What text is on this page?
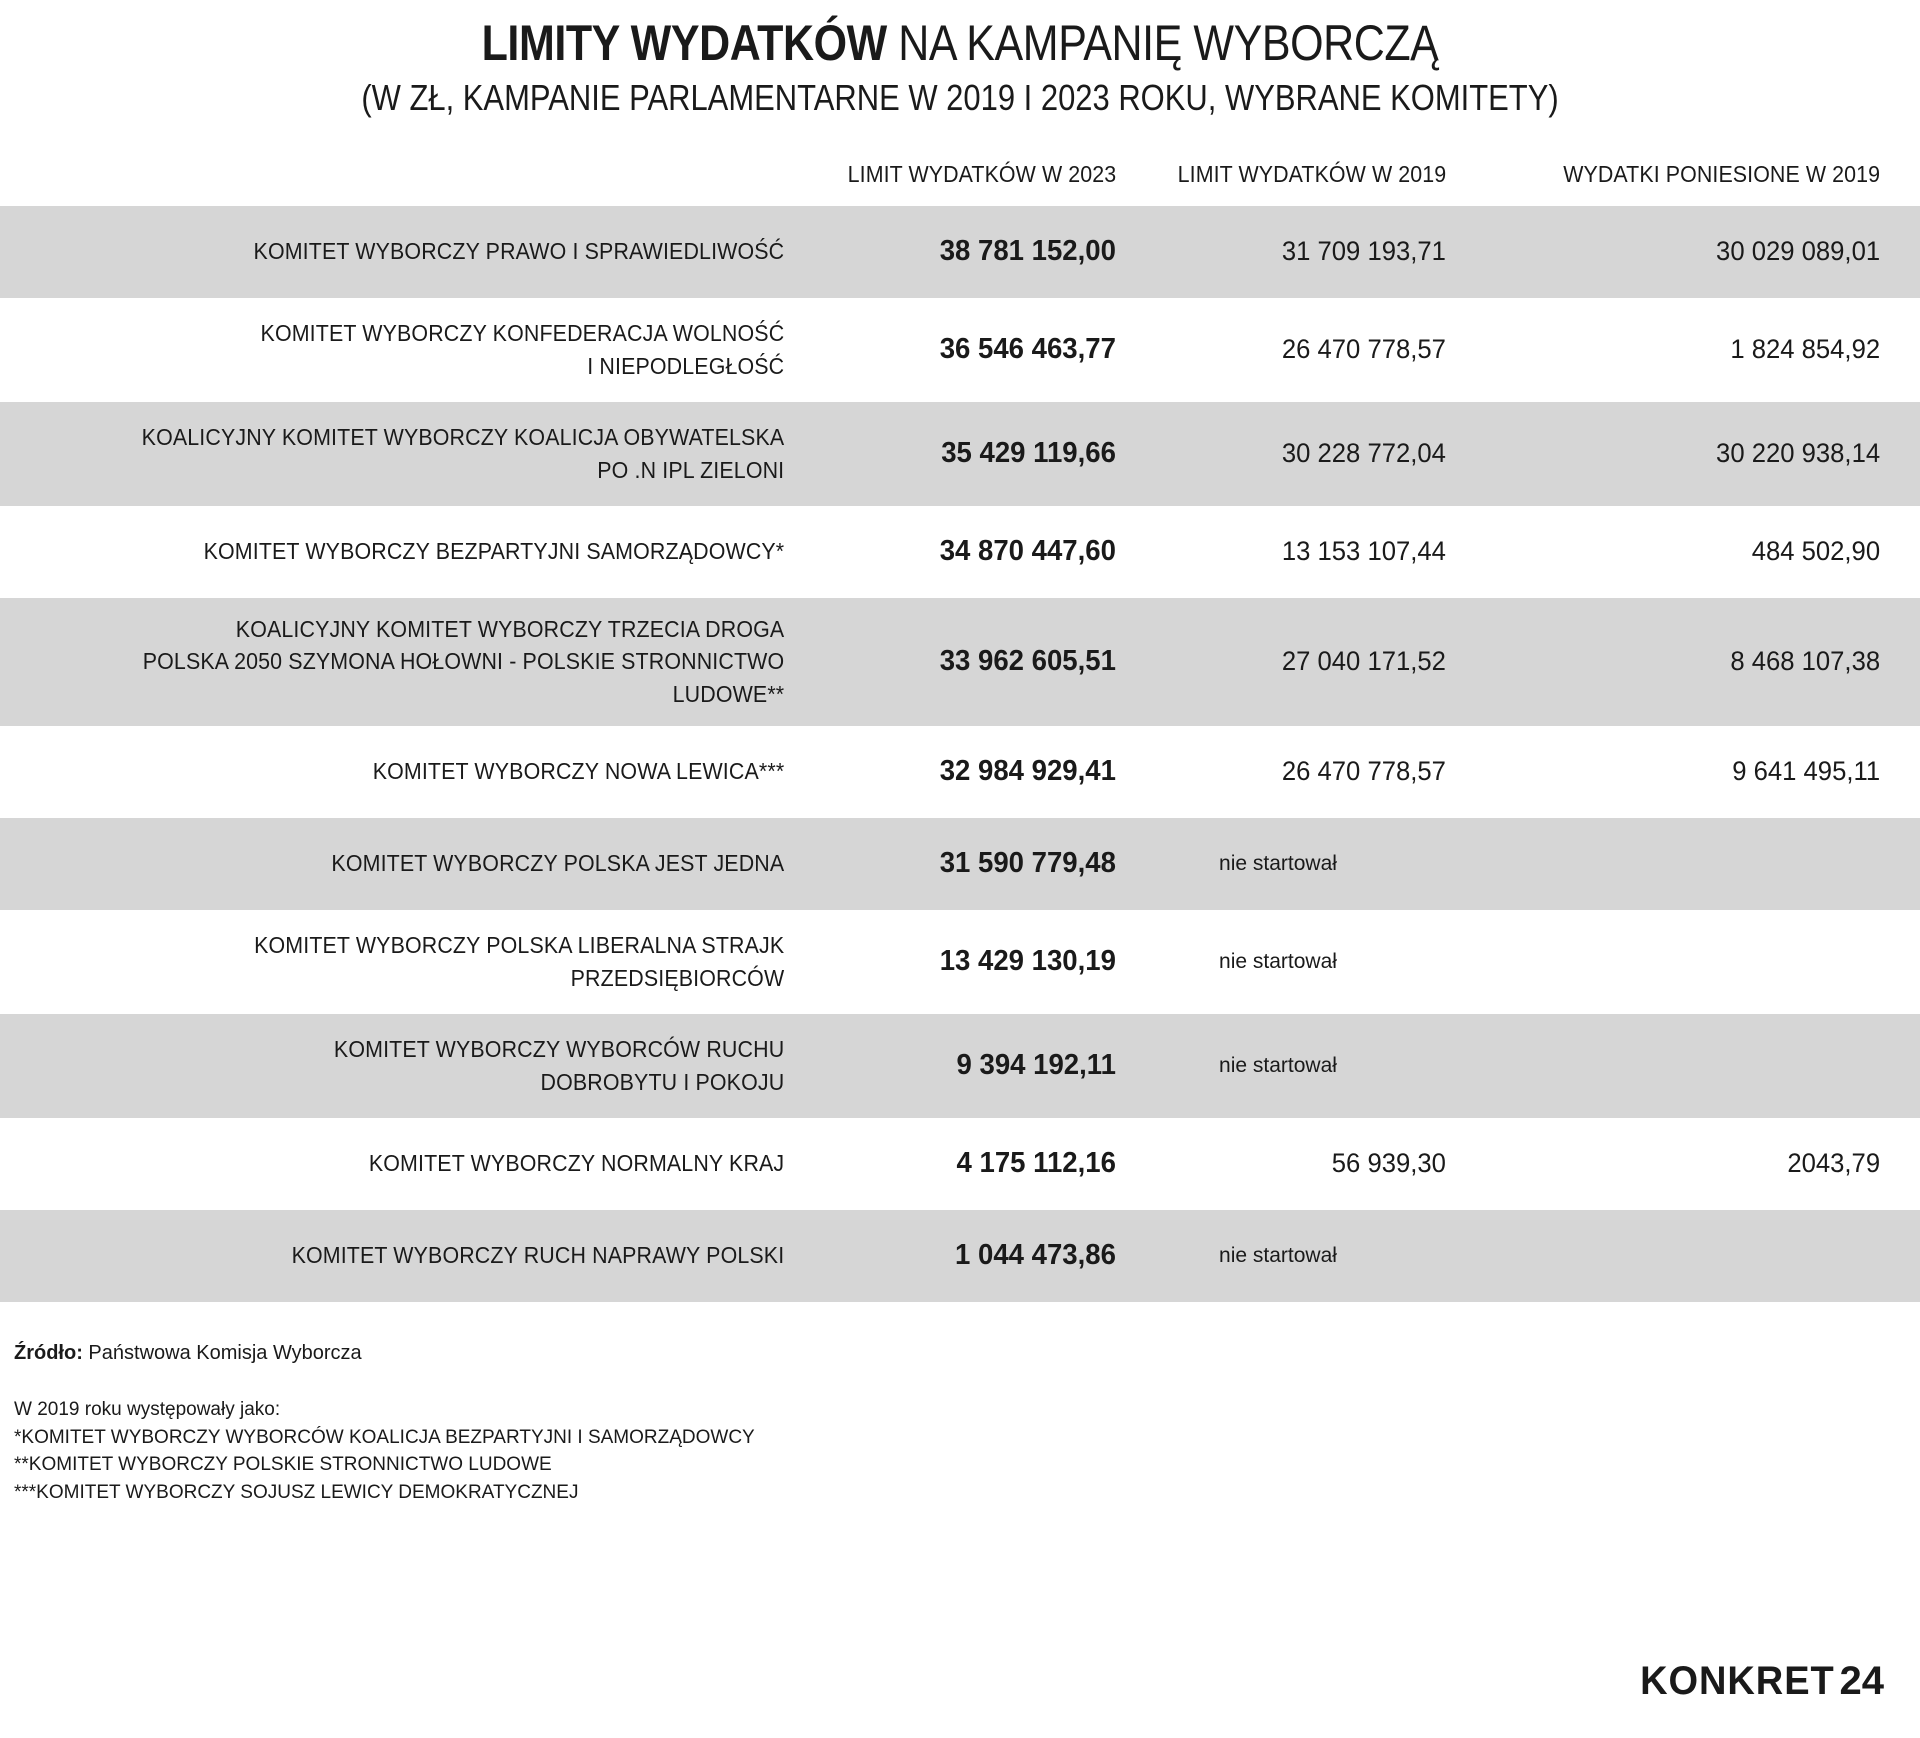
LIMITY WYDATKÓW NA KAMPANIĘ WYBORCZĄ
(W ZŁ, KAMPANIE PARLAMENTARNE W 2019 I 2023 ROKU, WYBRANE KOMITETY)
LIMIT WYDATKÓW W 2023	LIMIT WYDATKÓW W 2019	WYDATKI PONIESIONE W 2019
KOMITET WYBORCZY PRAWO I SPRAWIEDLIWOŚĆ	38 781 152,00	31 709 193,71	30 029 089,01
KOMITET WYBORCZY KONFEDERACJA WOLNOŚĆ
I NIEPODLEGŁOŚĆ
36 546 463,77	26 470 778,57	1 824 854,92
KOALICYJNY KOMITET WYBORCZY KOALICJA OBYWATELSKA
PO .N IPL ZIELONI
35 429 119,66	30 228 772,04	30 220 938,14
KOMITET WYBORCZY BEZPARTYJNI SAMORZĄDOWCY*	34 870 447,60	13 153 107,44	484 502,90
KOALICYJNY KOMITET WYBORCZY TRZECIA DROGA
POLSKA 2050 SZYMONA HOŁOWNI - POLSKIE STRONNICTWO
LUDOWE**
33 962 605,51	27 040 171,52	8 468 107,38
KOMITET WYBORCZY NOWA LEWICA***	32 984 929,41	26 470 778,57	9 641 495,11
KOMITET WYBORCZY POLSKA JEST JEDNA	31 590 779,48	nie startował
KOMITET WYBORCZY POLSKA LIBERALNA STRAJK
PRZEDSIĘBIORCÓW
13 429 130,19	nie startował
KOMITET WYBORCZY WYBORCÓW RUCHU
DOBROBYTU I POKOJU
9 394 192,11	nie startował
KOMITET WYBORCZY NORMALNY KRAJ	4 175 112,16	56 939,30	2043,79
KOMITET WYBORCZY RUCH NAPRAWY POLSKI	1 044 473,86	nie startował
Źródło: Państwowa Komisja Wyborcza
W 2019 roku występowały jako:
*KOMITET WYBORCZY WYBORCÓW KOALICJA BEZPARTYJNI I SAMORZĄDOWCY
**KOMITET WYBORCZY POLSKIE STRONNICTWO LUDOWE
***KOMITET WYBORCZY SOJUSZ LEWICY DEMOKRATYCZNEJ
KONKRET 24
